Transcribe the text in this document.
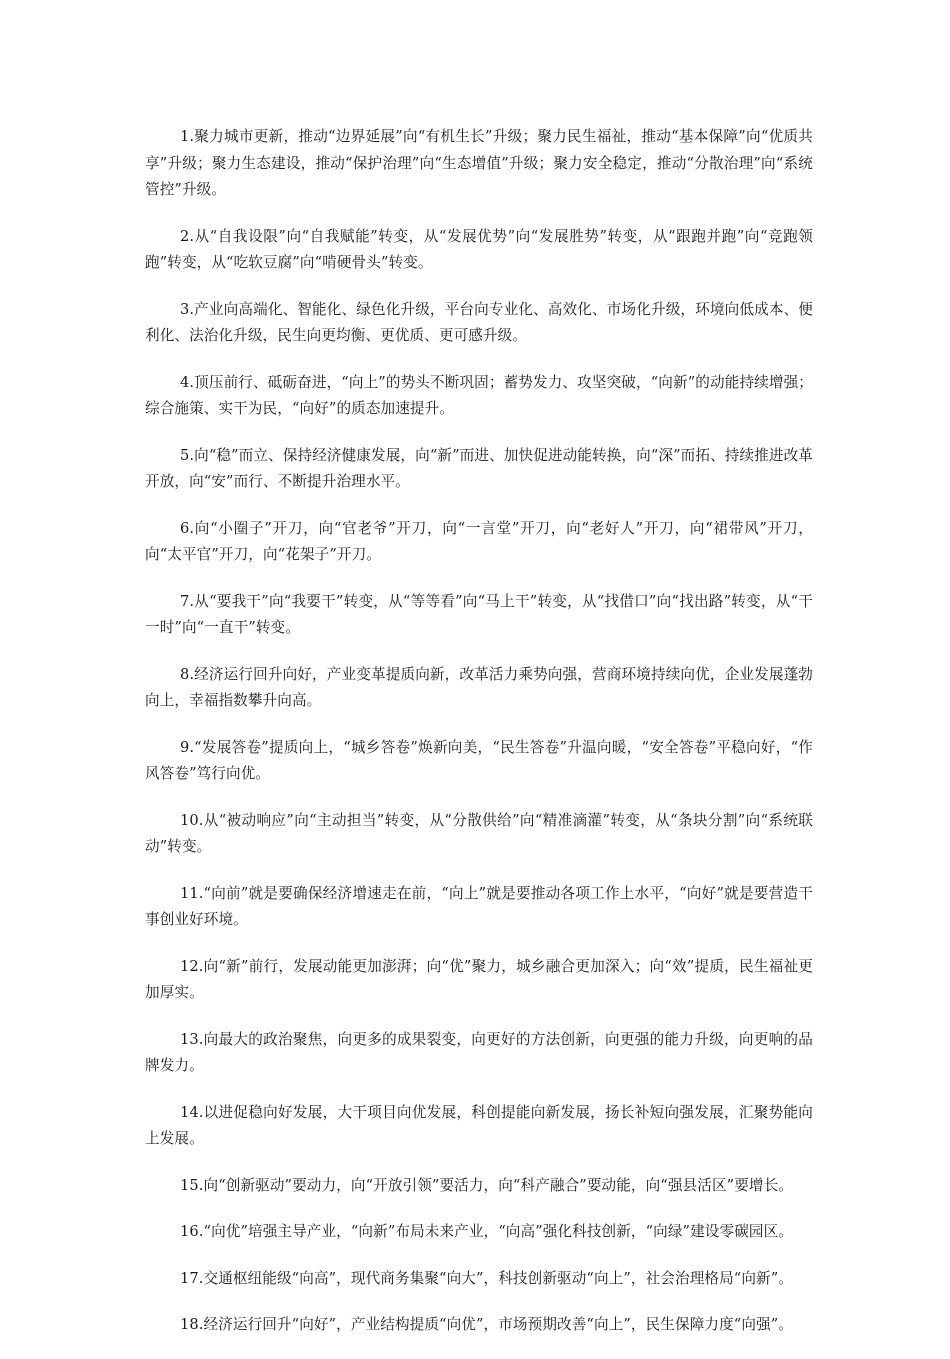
1.聚力城市更新，推动“边界延展”向“有机生长”升级；聚力民生福祉，推动“基本保障”向“优质共享”升级；聚力生态建设，推动“保护治理”向“生态增值”升级；聚力安全稳定，推动“分散治理”向“系统管控”升级。

2.从“自我设限”向“自我赋能”转变，从“发展优势”向“发展胜势”转变，从“跟跑并跑”向“竞跑领跑”转变，从“吃软豆腐”向“啃硬骨头”转变。

3.产业向高端化、智能化、绿色化升级，平台向专业化、高效化、市场化升级，环境向低成本、便利化、法治化升级，民生向更均衡、更优质、更可感升级。

4.顶压前行、砥砺奋进，“向上”的势头不断巩固；蓄势发力、攻坚突破，“向新”的动能持续增强；综合施策、实干为民，“向好”的质态加速提升。

5.向“稳”而立、保持经济健康发展，向“新”而进、加快促进动能转换，向“深”而拓、持续推进改革开放，向“安”而行、不断提升治理水平。

6.向“小圈子”开刀，向“官老爷”开刀，向“一言堂”开刀，向“老好人”开刀，向“裙带风”开刀，向“太平官”开刀，向“花架子”开刀。

7.从“要我干”向“我要干”转变，从“等等看”向“马上干”转变，从“找借口”向“找出路”转变，从“干一时”向“一直干”转变。

8.经济运行回升向好，产业变革提质向新，改革活力乘势向强，营商环境持续向优，企业发展蓬勃向上，幸福指数攀升向高。

9.“发展答卷”提质向上，“城乡答卷”焕新向美，“民生答卷”升温向暖，“安全答卷”平稳向好，“作风答卷”笃行向优。

10.从“被动响应”向“主动担当”转变，从“分散供给”向“精准滴灌”转变，从“条块分割”向“系统联动”转变。

11.“向前”就是要确保经济增速走在前，“向上”就是要推动各项工作上水平，“向好”就是要营造干事创业好环境。

12.向“新”前行，发展动能更加澎湃；向“优”聚力，城乡融合更加深入；向“效”提质，民生福祉更加厚实。

13.向最大的政治聚焦，向更多的成果裂变，向更好的方法创新，向更强的能力升级，向更响的品牌发力。

14.以进促稳向好发展，大干项目向优发展，科创提能向新发展，扬长补短向强发展，汇聚势能向上发展。

15.向“创新驱动”要动力，向“开放引领”要活力，向“科产融合”要动能，向“强县活区”要增长。

16.“向优”培强主导产业，“向新”布局未来产业，“向高”强化科技创新，“向绿”建设零碳园区。

17.交通枢纽能级“向高”，现代商务集聚“向大”，科技创新驱动“向上”，社会治理格局“向新”。

18.经济运行回升“向好”，产业结构提质“向优”，市场预期改善“向上”，民生保障力度“向强”。
